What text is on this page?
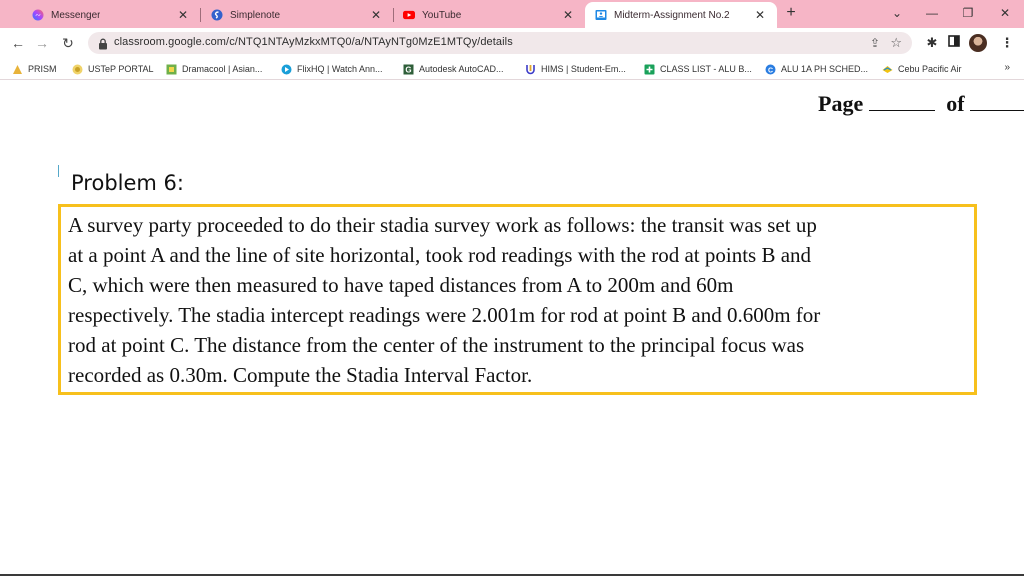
Messenger	✕	Simplenote	✕	YouTube	✕	Midterm-Assignment No.2 ✕	+	⌄	—	❐	✕
← → ↻	classroom.google.com/c/NTQ1NTAyMzkxMTQ0/a/NTAyNTg0MzE1MTQy/details	⇪ ☆ ✱	⋮
PRISM	USTeP PORTAL	Dramacool | Asian...	FlixHQ | Watch Ann...	G Autodesk AutoCAD...	HIMS | Student-Em...	CLASS LIST - ALU B... C ALU 1A PH SCHED...	Cebu Pacific Air	»
Page	of
Problem 6:
A survey party proceeded to do their stadia survey work as follows: the transit was set up
at a point A and the line of site horizontal, took rod readings with the rod at points B and
C, which were then measured to have taped distances from A to 200m and 60m
respectively. The stadia intercept readings were 2.001m for rod at point B and 0.600m for
rod at point C. The distance from the center of the instrument to the principal focus was
recorded as 0.30m. Compute the Stadia Interval Factor.
